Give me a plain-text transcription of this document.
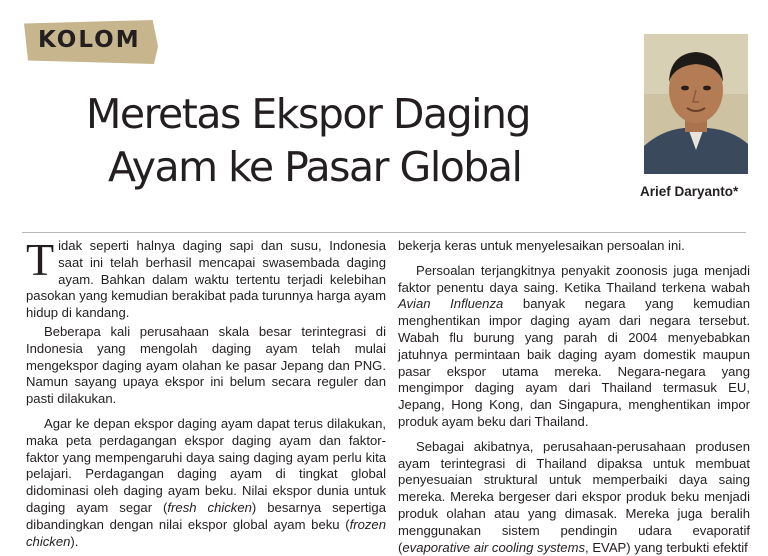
KOLOM
Meretas Ekspor Daging
Ayam ke Pasar Global
Arief Daryanto*

Tidak seperti halnya daging sapi dan susu, Indonesia saat ini telah berhasil mencapai swasembada daging ayam. Bahkan dalam waktu tertentu terjadi kelebihan pasokan yang kemudian berakibat pada turunnya harga ayam hidup di kandang.

Beberapa kali perusahaan skala besar terintegrasi di Indonesia yang mengolah daging ayam telah mulai mengekspor daging ayam olahan ke pasar Jepang dan PNG. Namun sayang upaya ekspor ini belum secara reguler dan pasti dilakukan.

Agar ke depan ekspor daging ayam dapat terus dilakukan, maka peta perdagangan ekspor daging ayam dan faktor-faktor yang mempengaruhi daya saing daging ayam perlu kita pelajari. Perdagangan daging ayam di tingkat global didominasi oleh daging ayam beku. Nilai ekspor dunia untuk daging ayam segar (fresh chicken) besarnya sepertiga dibandingkan dengan nilai ekspor global ayam beku (frozen chicken).

bekerja keras untuk menyelesaikan persoalan ini.

Persoalan terjangkitnya penyakit zoonosis juga menjadi faktor penentu daya saing. Ketika Thailand terkena wabah Avian Influenza banyak negara yang kemudian menghentikan impor daging ayam dari negara tersebut. Wabah flu burung yang parah di 2004 menyebabkan jatuhnya permintaan baik daging ayam domestik maupun pasar ekspor utama mereka. Negara-negara yang mengimpor daging ayam dari Thailand termasuk EU, Jepang, Hong Kong, dan Singapura, menghentikan impor produk ayam beku dari Thailand.

Sebagai akibatnya, perusahaan-perusahaan produsen ayam terintegrasi di Thailand dipaksa untuk membuat penyesuaian struktural untuk memperbaiki daya saing mereka. Mereka bergeser dari ekspor produk beku menjadi produk olahan atau yang dimasak. Mereka juga beralih menggunakan sistem pendingin udara evaporatif (evaporative air cooling systems, EVAP) yang terbukti efektif
